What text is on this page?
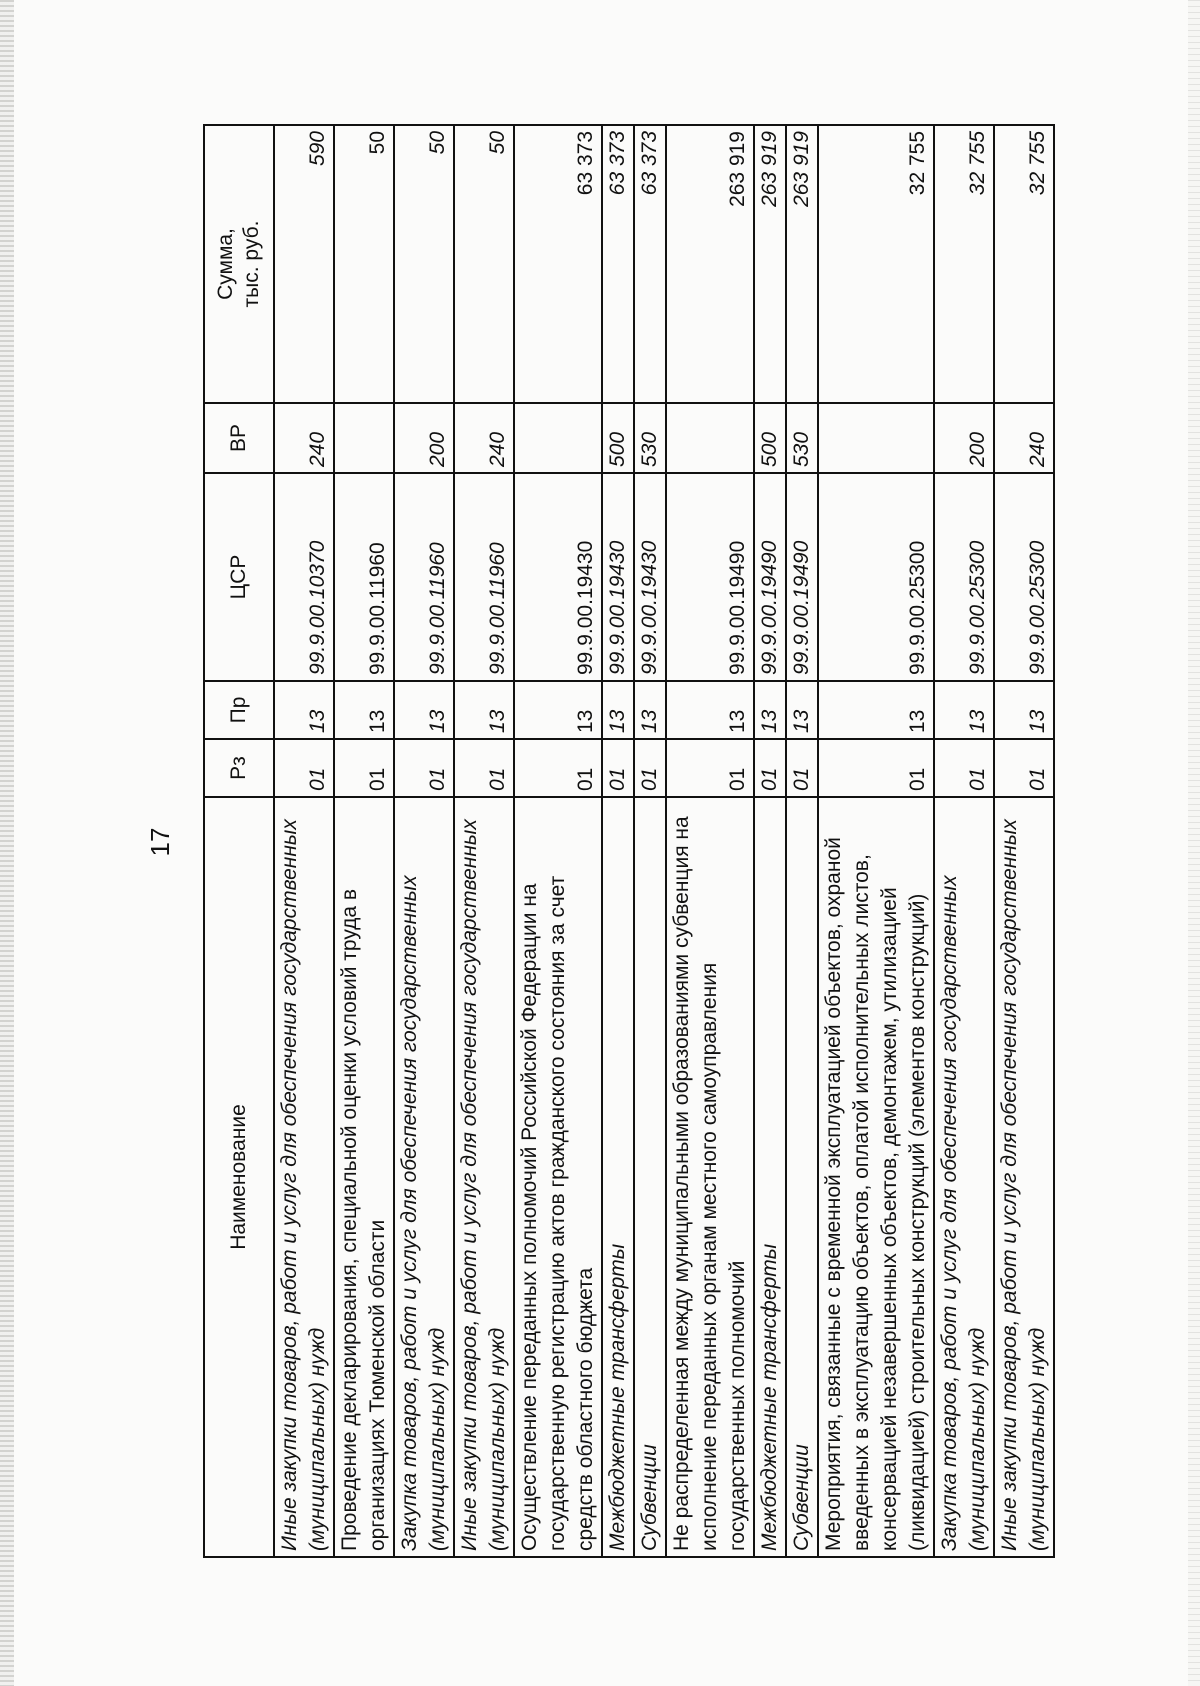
17
Наименование	Рз	Пр	ЦСР	ВР	Сумма, тыс. руб.
Иные закупки товаров, работ и услуг для обеспечения государственных (муниципальных) нужд	01	13	99.9.00.10370	240	590
Проведение декларирования, специальной оценки условий труда в организациях Тюменской области	01	13	99.9.00.11960		50
Закупка товаров, работ и услуг для обеспечения государственных (муниципальных) нужд	01	13	99.9.00.11960	200	50
Иные закупки товаров, работ и услуг для обеспечения государственных (муниципальных) нужд	01	13	99.9.00.11960	240	50
Осуществление переданных полномочий Российской Федерации на государственную регистрацию актов гражданского состояния за счет средств областного бюджета	01	13	99.9.00.19430		63 373
Межбюджетные трансферты	01	13	99.9.00.19430	500	63 373
Субвенции	01	13	99.9.00.19430	530	63 373
Не распределенная между муниципальными образованиями субвенция на исполнение переданных органам местного самоуправления государственных полномочий	01	13	99.9.00.19490		263 919
Межбюджетные трансферты	01	13	99.9.00.19490	500	263 919
Субвенции	01	13	99.9.00.19490	530	263 919
Мероприятия, связанные с временной эксплуатацией объектов, охраной введенных в эксплуатацию объектов, оплатой исполнительных листов, консервацией незавершенных объектов, демонтажем, утилизацией (ликвидацией) строительных конструкций (элементов конструкций)	01	13	99.9.00.25300		32 755
Закупка товаров, работ и услуг для обеспечения государственных (муниципальных) нужд	01	13	99.9.00.25300	200	32 755
Иные закупки товаров, работ и услуг для обеспечения государственных (муниципальных) нужд	01	13	99.9.00.25300	240	32 755
